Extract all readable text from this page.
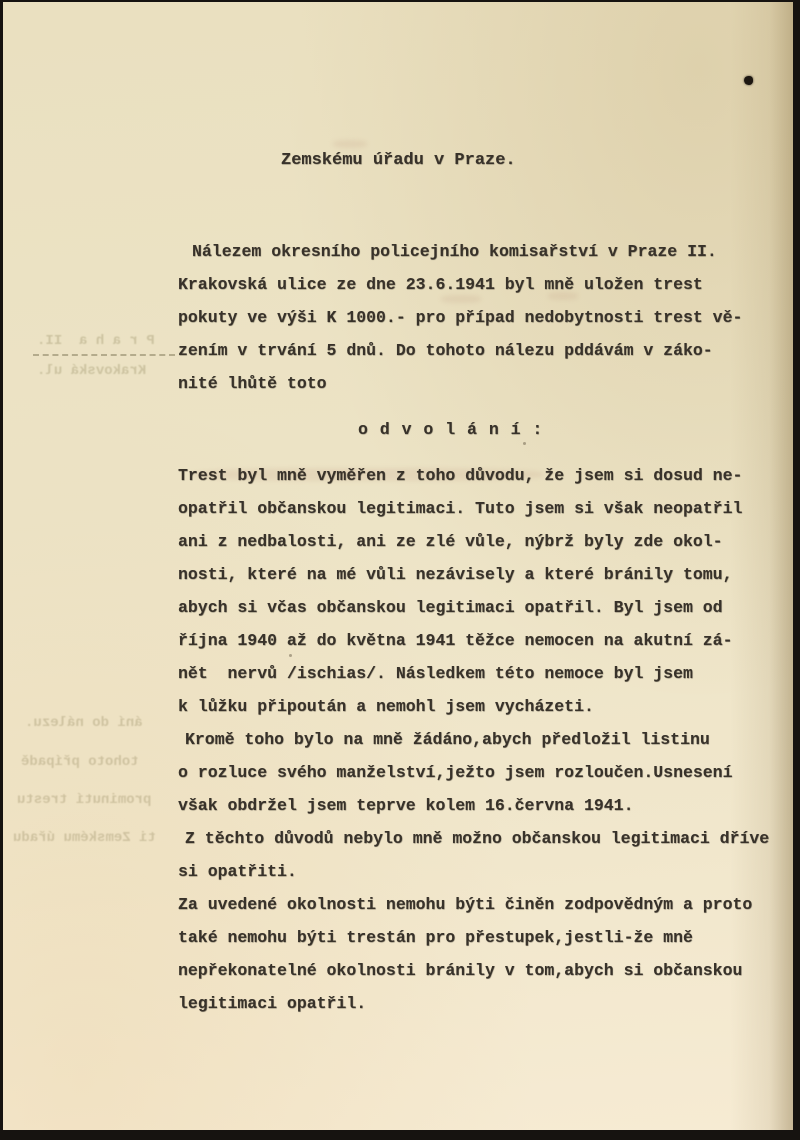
P r a h a  II.
Krakovská ul.
ání do nálezu.
tohoto případě
prominutí trestu
ti Zemskému úřadu
Zemskému úřadu v Praze.
Nálezem okresního policejního komisařství v Praze II.
Krakovská ulice ze dne 23.6.1941 byl mně uložen trest
pokuty ve výši K 1000.- pro případ nedobytnosti trest vě-
zením v trvání 5 dnů. Do tohoto nálezu pddávám v záko-
nité lhůtě toto
o d v o l á n í :
Trest byl mně vyměřen z toho důvodu, že jsem si dosud ne-
opatřil občanskou legitimaci. Tuto jsem si však neopatřil
ani z nedbalosti, ani ze zlé vůle, nýbrž byly zde okol-
nosti, které na mé vůli nezávisely a které bránily tomu,
abych si včas občanskou legitimaci opatřil. Byl jsem od
října 1940 až do května 1941 těžce nemocen na akutní zá-
nět  nervů /ischias/. Následkem této nemoce byl jsem
k lůžku připoután a nemohl jsem vycházeti.
Kromě toho bylo na mně žádáno,abych předložil listinu
o rozluce svého manželství,ježto jsem rozloučen.Usnesení
však obdržel jsem teprve kolem 16.června 1941.
Z těchto důvodů nebylo mně možno občanskou legitimaci dříve
si opatřiti.
Za uvedené okolnosti nemohu býti činěn zodpovědným a proto
také nemohu býti trestán pro přestupek,jestli-že mně
nepřekonatelné okolnosti bránily v tom,abych si občanskou
legitimaci opatřil.
